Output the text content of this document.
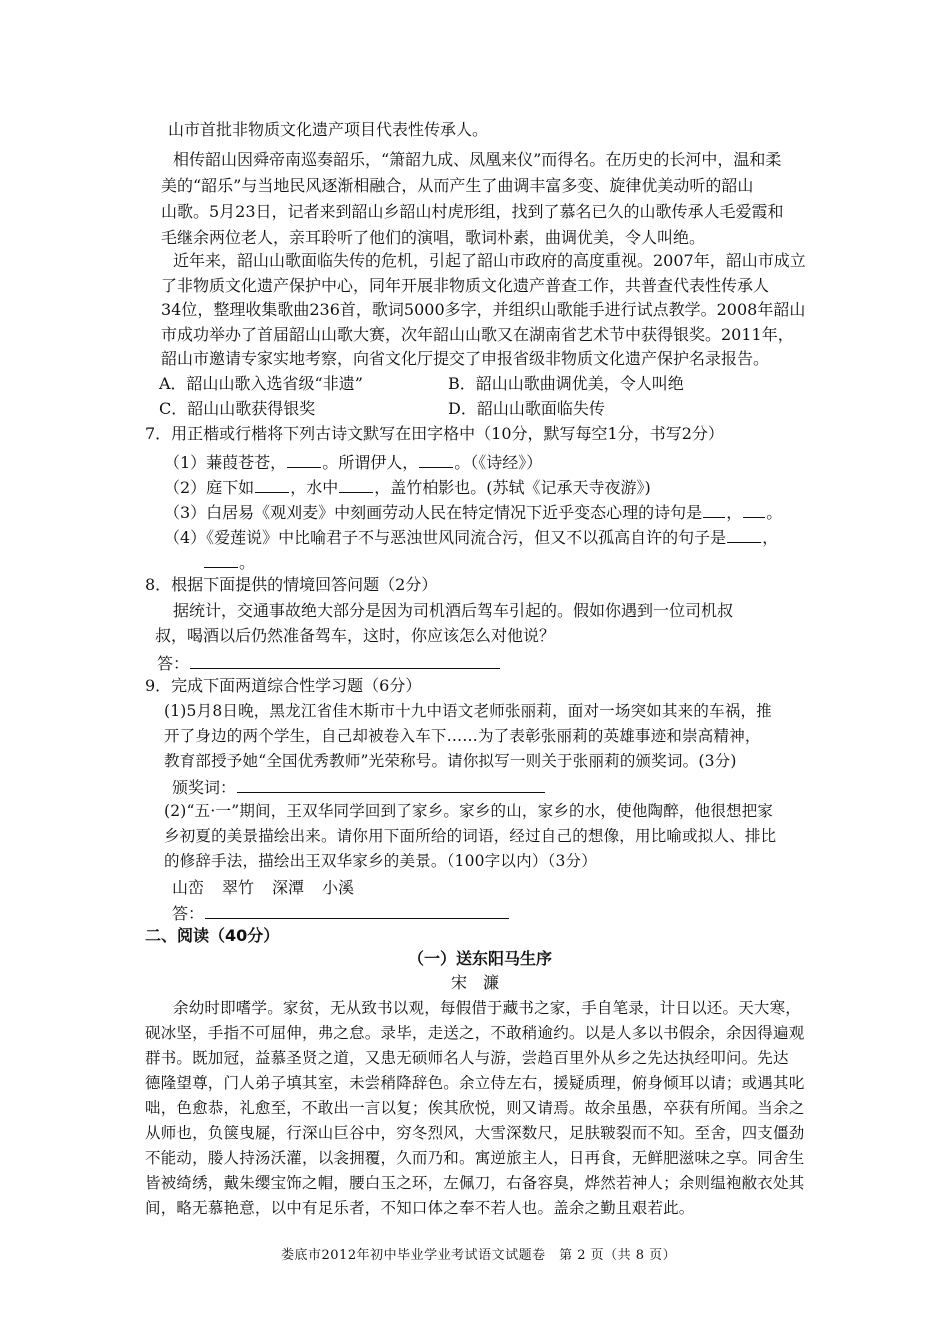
山市首批非物质文化遗产项目代表性传承人。
相传韶山因舜帝南巡奏韶乐，“箫韶九成、凤凰来仪”而得名。在历史的长河中，温和柔
美的“韶乐”与当地民风逐渐相融合，从而产生了曲调丰富多变、旋律优美动听的韶山
山歌。5月23日，记者来到韶山乡韶山村虎形组，找到了慕名已久的山歌传承人毛爱霞和
毛继余两位老人，亲耳聆听了他们的演唱，歌词朴素，曲调优美，令人叫绝。
近年来，韶山山歌面临失传的危机，引起了韶山市政府的高度重视。2007年，韶山市成立
了非物质文化遗产保护中心，同年开展非物质文化遗产普查工作，共普查代表性传承人
34位，整理收集歌曲236首，歌词5000多字，并组织山歌能手进行试点教学。2008年韶山
市成功举办了首届韶山山歌大赛，次年韶山山歌又在湖南省艺术节中获得银奖。2011年，
韶山市邀请专家实地考察，向省文化厅提交了申报省级非物质文化遗产保护名录报告。
A．韶山山歌入选省级“非遗”	B．韶山山歌曲调优美，令人叫绝
C．韶山山歌获得银奖	D．韶山山歌面临失传
7．用正楷或行楷将下列古诗文默写在田字格中（10分，默写每空1分，书写2分）
（1）蒹葭苍苍， 。所谓伊人， 。（《诗经》）
（2）庭下如 ，水中 ，盖竹柏影也。(苏轼《记承天寺夜游》)
（3）白居易《观刈麦》中刻画劳动人民在特定情况下近乎变态心理的诗句是 ， 。
（4）《爱莲说》中比喻君子不与恶浊世风同流合污，但又不以孤高自许的句子是 ，
。
8．根据下面提供的情境回答问题（2分）
据统计，交通事故绝大部分是因为司机酒后驾车引起的。假如你遇到一位司机叔
叔，喝酒以后仍然准备驾车，这时，你应该怎么对他说？
答：
9．完成下面两道综合性学习题（6分）
(1)5月8日晚，黑龙江省佳木斯市十九中语文老师张丽莉，面对一场突如其来的车祸，推
开了身边的两个学生，自己却被卷入车下……为了表彰张丽莉的英雄事迹和崇高精神，
教育部授予她“全国优秀教师”光荣称号。请你拟写一则关于张丽莉的颁奖词。(3分)
颁奖词：
(2)“五·一”期间，王双华同学回到了家乡。家乡的山，家乡的水，使他陶醉，他很想把家
乡初夏的美景描绘出来。请你用下面所给的词语，经过自己的想像，用比喻或拟人、排比
的修辞手法，描绘出王双华家乡的美景。（100字以内）（3分）
山峦 翠竹 深潭 小溪
答：
二、阅读（40分）
（一）送东阳马生序
宋　濂
余幼时即嗜学。家贫，无从致书以观，每假借于藏书之家，手自笔录，计日以还。天大寒，
砚冰坚，手指不可屈伸，弗之怠。录毕，走送之，不敢稍逾约。以是人多以书假余，余因得遍观
群书。既加冠，益慕圣贤之道，又患无硕师名人与游，尝趋百里外从乡之先达执经叩问。先达
德隆望尊，门人弟子填其室，未尝稍降辞色。余立侍左右，援疑质理，俯身倾耳以请；或遇其叱
咄，色愈恭，礼愈至，不敢出一言以复；俟其欣悦，则又请焉。故余虽愚，卒获有所闻。当余之
从师也，负箧曳屣，行深山巨谷中，穷冬烈风，大雪深数尺，足肤皲裂而不知。至舍，四支僵劲
不能动，媵人持汤沃灌，以衾拥覆，久而乃和。寓逆旅主人，日再食，无鲜肥滋味之享。同舍生
皆被绮绣，戴朱缨宝饰之帽，腰白玉之环，左佩刀，右备容臭，烨然若神人；余则缊袍敝衣处其
间，略无慕艳意，以中有足乐者，不知口体之奉不若人也。盖余之勤且艰若此。
娄底市2012年初中毕业学业考试语文试题卷　第 2 页（共 8 页）
